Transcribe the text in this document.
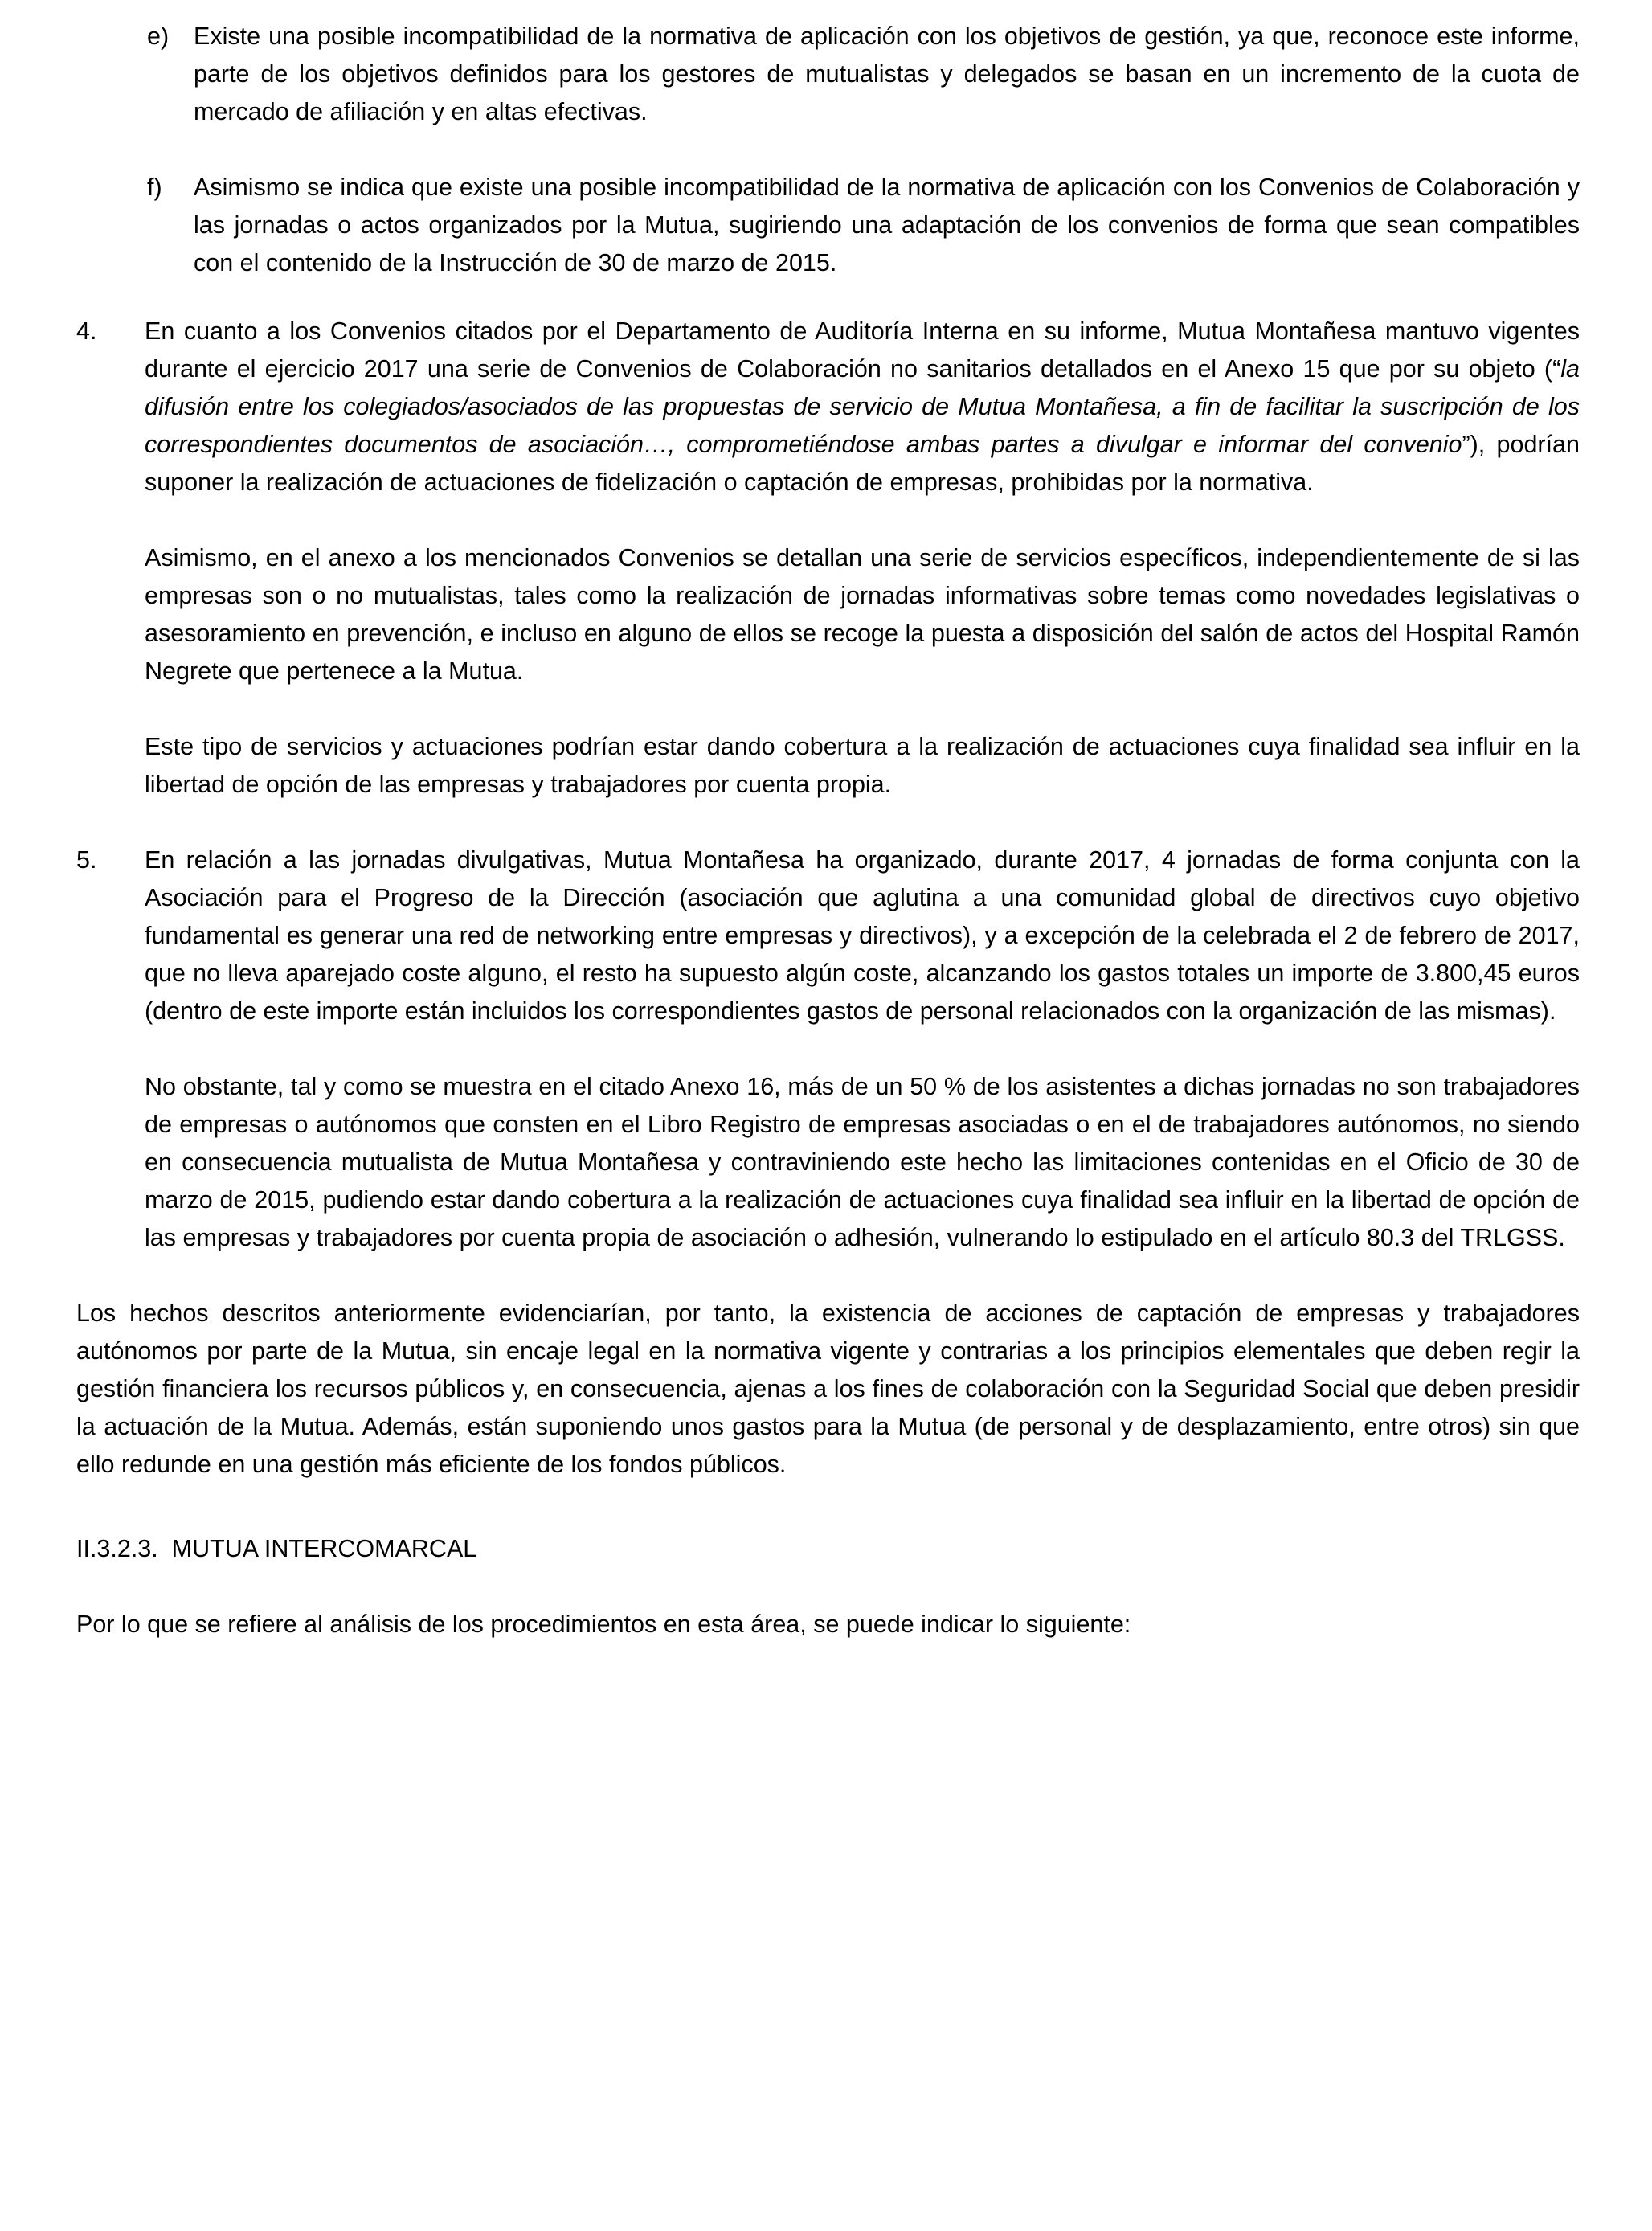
e)	Existe una posible incompatibilidad de la normativa de aplicación con los objetivos de gestión, ya que, reconoce este informe, parte de los objetivos definidos para los gestores de mutualistas y delegados se basan en un incremento de la cuota de mercado de afiliación y en altas efectivas.

f)	Asimismo se indica que existe una posible incompatibilidad de la normativa de aplicación con los Convenios de Colaboración y las jornadas o actos organizados por la Mutua, sugiriendo una adaptación de los convenios de forma que sean compatibles con el contenido de la Instrucción de 30 de marzo de 2015.

4.	En cuanto a los Convenios citados por el Departamento de Auditoría Interna en su informe, Mutua Montañesa mantuvo vigentes durante el ejercicio 2017 una serie de Convenios de Colaboración no sanitarios detallados en el Anexo 15 que por su objeto (“la difusión entre los colegiados/asociados de las propuestas de servicio de Mutua Montañesa, a fin de facilitar la suscripción de los correspondientes documentos de asociación…, comprometiéndose ambas partes a divulgar e informar del convenio”), podrían suponer la realización de actuaciones de fidelización o captación de empresas, prohibidas por la normativa.

Asimismo, en el anexo a los mencionados Convenios se detallan una serie de servicios específicos, independientemente de si las empresas son o no mutualistas, tales como la realización de jornadas informativas sobre temas como novedades legislativas o asesoramiento en prevención, e incluso en alguno de ellos se recoge la puesta a disposición del salón de actos del Hospital Ramón Negrete que pertenece a la Mutua.

Este tipo de servicios y actuaciones podrían estar dando cobertura a la realización de actuaciones cuya finalidad sea influir en la libertad de opción de las empresas y trabajadores por cuenta propia.

5.	En relación a las jornadas divulgativas, Mutua Montañesa ha organizado, durante 2017, 4 jornadas de forma conjunta con la Asociación para el Progreso de la Dirección (asociación que aglutina a una comunidad global de directivos cuyo objetivo fundamental es generar una red de networking entre empresas y directivos), y a excepción de la celebrada el 2 de febrero de 2017, que no lleva aparejado coste alguno, el resto ha supuesto algún coste, alcanzando los gastos totales un importe de 3.800,45 euros (dentro de este importe están incluidos los correspondientes gastos de personal relacionados con la organización de las mismas).

No obstante, tal y como se muestra en el citado Anexo 16, más de un 50 % de los asistentes a dichas jornadas no son trabajadores de empresas o autónomos que consten en el Libro Registro de empresas asociadas o en el de trabajadores autónomos, no siendo en consecuencia mutualista de Mutua Montañesa y contraviniendo este hecho las limitaciones contenidas en el Oficio de 30 de marzo de 2015, pudiendo estar dando cobertura a la realización de actuaciones cuya finalidad sea influir en la libertad de opción de las empresas y trabajadores por cuenta propia de asociación o adhesión, vulnerando lo estipulado en el artículo 80.3 del TRLGSS.

Los hechos descritos anteriormente evidenciarían, por tanto, la existencia de acciones de captación de empresas y trabajadores autónomos por parte de la Mutua, sin encaje legal en la normativa vigente y contrarias a los principios elementales que deben regir la gestión financiera los recursos públicos y, en consecuencia, ajenas a los fines de colaboración con la Seguridad Social que deben presidir la actuación de la Mutua. Además, están suponiendo unos gastos para la Mutua (de personal y de desplazamiento, entre otros) sin que ello redunde en una gestión más eficiente de los fondos públicos.

II.3.2.3.  MUTUA INTERCOMARCAL

Por lo que se refiere al análisis de los procedimientos en esta área, se puede indicar lo siguiente:
